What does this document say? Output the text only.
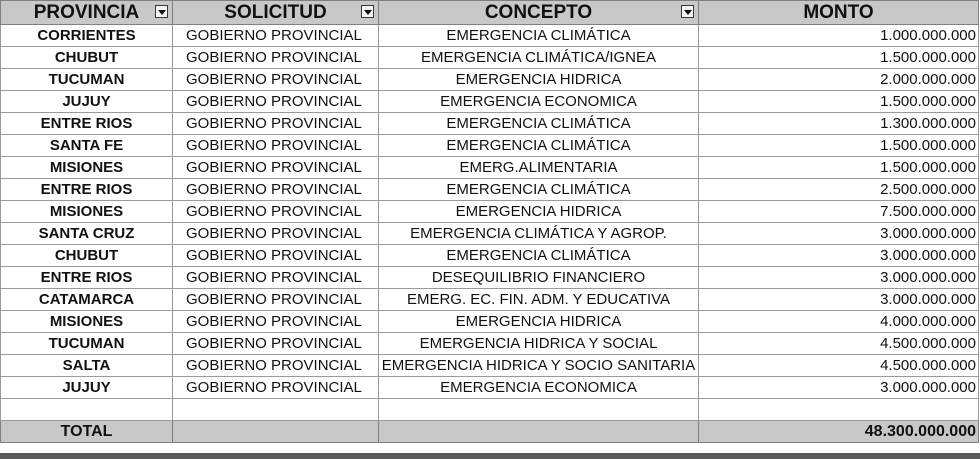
PROVINCIA	SOLICITUD	CONCEPTO	MONTO
CORRIENTES	GOBIERNO PROVINCIAL	EMERGENCIA CLIMÁTICA	1.000.000.000
CHUBUT	GOBIERNO PROVINCIAL	EMERGENCIA CLIMÁTICA/IGNEA	1.500.000.000
TUCUMAN	GOBIERNO PROVINCIAL	EMERGENCIA HIDRICA	2.000.000.000
JUJUY	GOBIERNO PROVINCIAL	EMERGENCIA ECONOMICA	1.500.000.000
ENTRE RIOS	GOBIERNO PROVINCIAL	EMERGENCIA CLIMÁTICA	1.300.000.000
SANTA FE	GOBIERNO PROVINCIAL	EMERGENCIA CLIMÁTICA	1.500.000.000
MISIONES	GOBIERNO PROVINCIAL	EMERG.ALIMENTARIA	1.500.000.000
ENTRE RIOS	GOBIERNO PROVINCIAL	EMERGENCIA CLIMÁTICA	2.500.000.000
MISIONES	GOBIERNO PROVINCIAL	EMERGENCIA HIDRICA	7.500.000.000
SANTA CRUZ	GOBIERNO PROVINCIAL	EMERGENCIA CLIMÁTICA Y AGROP.	3.000.000.000
CHUBUT	GOBIERNO PROVINCIAL	EMERGENCIA CLIMÁTICA	3.000.000.000
ENTRE RIOS	GOBIERNO PROVINCIAL	DESEQUILIBRIO FINANCIERO	3.000.000.000
CATAMARCA	GOBIERNO PROVINCIAL	EMERG. EC. FIN. ADM. Y EDUCATIVA	3.000.000.000
MISIONES	GOBIERNO PROVINCIAL	EMERGENCIA HIDRICA	4.000.000.000
TUCUMAN	GOBIERNO PROVINCIAL	EMERGENCIA HIDRICA Y SOCIAL	4.500.000.000
SALTA	GOBIERNO PROVINCIAL	EMERGENCIA HIDRICA Y SOCIO SANITARIA	4.500.000.000
JUJUY	GOBIERNO PROVINCIAL	EMERGENCIA ECONOMICA	3.000.000.000

TOTAL			48.300.000.000
